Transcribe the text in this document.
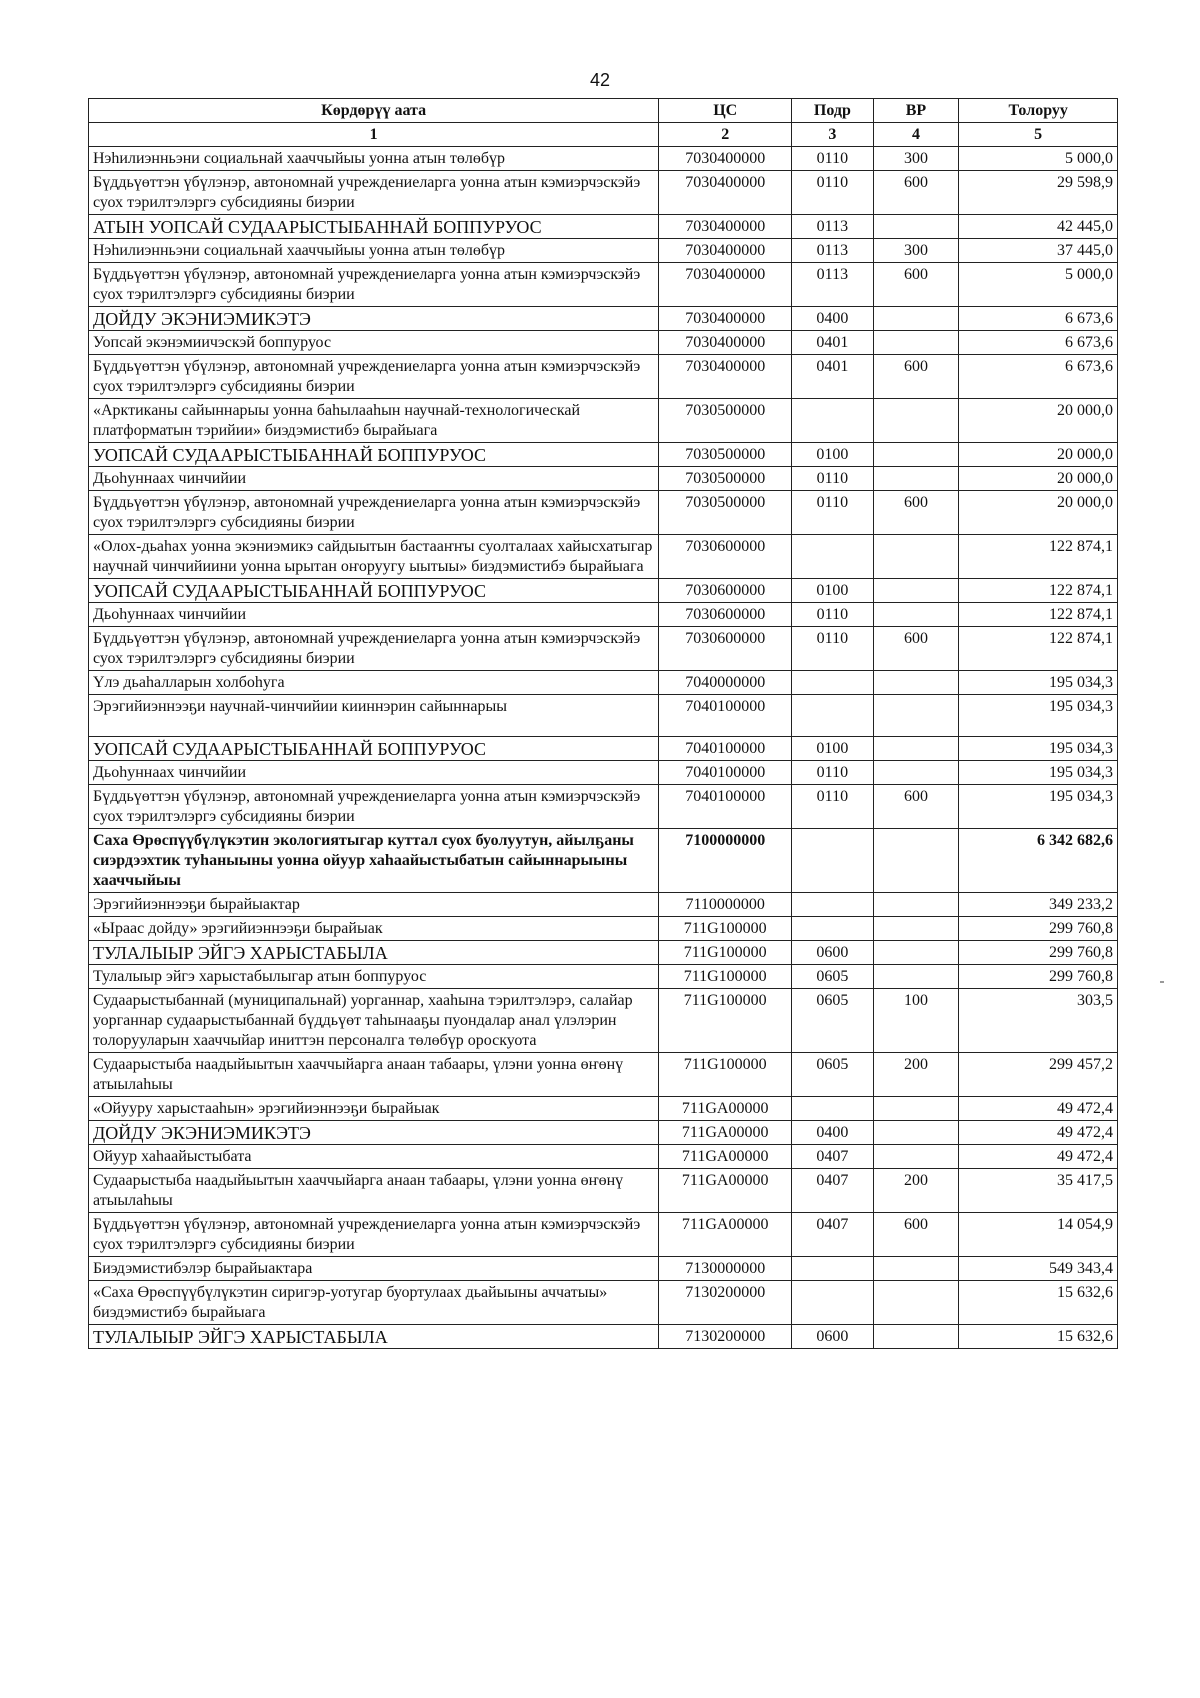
42
Көрдөрүү аата	ЦС	Подр	ВР	Толоруу
1	2	3	4	5
Нэһилиэнньэни социальнай хааччыйыы уонна атын төлөбүр	7030400000	0110	300	5 000,0
Бүддьүөттэн үбүлэнэр, автономнай учреждениеларга уонна атын кэмиэрчэскэйэ суох тэрилтэлэргэ субсидияны биэрии	7030400000	0110	600	29 598,9
АТЫН УОПСАЙ СУДААРЫСТЫБАННАЙ БОППУРУОС	7030400000	0113		42 445,0
Нэһилиэнньэни социальнай хааччыйыы уонна атын төлөбүр	7030400000	0113	300	37 445,0
Бүддьүөттэн үбүлэнэр, автономнай учреждениеларга уонна атын кэмиэрчэскэйэ суох тэрилтэлэргэ субсидияны биэрии	7030400000	0113	600	5 000,0
ДОЙДУ ЭКЭНИЭМИКЭТЭ	7030400000	0400		6 673,6
Уопсай экэнэмиичэскэй боппуруос	7030400000	0401		6 673,6
Бүддьүөттэн үбүлэнэр, автономнай учреждениеларга уонна атын кэмиэрчэскэйэ суох тэрилтэлэргэ субсидияны биэрии	7030400000	0401	600	6 673,6
«Арктиканы сайыннарыы уонна баһылааһын научнай-технологическай платформатын тэрийии» биэдэмистибэ бырайыага	7030500000			20 000,0
УОПСАЙ СУДААРЫСТЫБАННАЙ БОППУРУОС	7030500000	0100		20 000,0
Дьоһуннаах чинчийии	7030500000	0110		20 000,0
Бүддьүөттэн үбүлэнэр, автономнай учреждениеларга уонна атын кэмиэрчэскэйэ суох тэрилтэлэргэ субсидияны биэрии	7030500000	0110	600	20 000,0
«Олох-дьаһах уонна экэниэмикэ сайдыытын бастааҥҥы суолталаах хайысхатыгар научнай чинчийиини уонна ырытан оҥоруугу ыытыы» биэдэмистибэ бырайыага	7030600000			122 874,1
УОПСАЙ СУДААРЫСТЫБАННАЙ БОППУРУОС	7030600000	0100		122 874,1
Дьоһуннаах чинчийии	7030600000	0110		122 874,1
Бүддьүөттэн үбүлэнэр, автономнай учреждениеларга уонна атын кэмиэрчэскэйэ суох тэрилтэлэргэ субсидияны биэрии	7030600000	0110	600	122 874,1
Үлэ дьаһалларын холбоһуга	7040000000			195 034,3
Эрэгийиэннээҕи научнай-чинчийии кииннэрин сайыннарыы	7040100000			195 034,3
УОПСАЙ СУДААРЫСТЫБАННАЙ БОППУРУОС	7040100000	0100		195 034,3
Дьоһуннаах чинчийии	7040100000	0110		195 034,3
Бүддьүөттэн үбүлэнэр, автономнай учреждениеларга уонна атын кэмиэрчэскэйэ суох тэрилтэлэргэ субсидияны биэрии	7040100000	0110	600	195 034,3
Саха Өрөспүүбүлүкэтин экологиятыгар куттал суох буолуутун, айылҕаны сиэрдээхтик туһаныыны уонна ойуур хаһаайыстыбатын сайыннарыыны хааччыйыы	7100000000			6 342 682,6
Эрэгийиэннээҕи бырайыактар	7110000000			349 233,2
«Ыраас дойду» эрэгийиэннээҕи бырайыак	711G100000			299 760,8
ТУЛАЛЫЫР ЭЙГЭ ХАРЫСТАБЫЛА	711G100000	0600		299 760,8
Тулалыыр эйгэ харыстабылыгар атын боппуруос	711G100000	0605		299 760,8
Судаарыстыбаннай (муниципальнай) уорганнар, хааһына тэрилтэлэрэ, салайар уорганнар судаарыстыбаннай бүддьүөт таһынааҕы пуондалар анал үлэлэрин толорууларын хааччыйар иниттэн персоналга төлөбүр ороскуота	711G100000	0605	100	303,5
Судаарыстыба наадыйыытын хааччыйарга анаан табаары, үлэни уонна өҥөнү атыылаһыы	711G100000	0605	200	299 457,2
«Ойууру харыстааһын» эрэгийиэннээҕи бырайыак	711GA00000			49 472,4
ДОЙДУ ЭКЭНИЭМИКЭТЭ	711GA00000	0400		49 472,4
Ойуур хаһаайыстыбата	711GA00000	0407		49 472,4
Судаарыстыба наадыйыытын хааччыйарга анаан табаары, үлэни уонна өҥөнү атыылаһыы	711GA00000	0407	200	35 417,5
Бүддьүөттэн үбүлэнэр, автономнай учреждениеларга уонна атын кэмиэрчэскэйэ суох тэрилтэлэргэ субсидияны биэрии	711GA00000	0407	600	14 054,9
Биэдэмистибэлэр бырайыактара	7130000000			549 343,4
«Саха Өрөспүүбүлүкэтин сиригэр-уотугар буортулаах дьайыыны аччатыы» биэдэмистибэ бырайыага	7130200000			15 632,6
ТУЛАЛЫЫР ЭЙГЭ ХАРЫСТАБЫЛА	7130200000	0600		15 632,6
